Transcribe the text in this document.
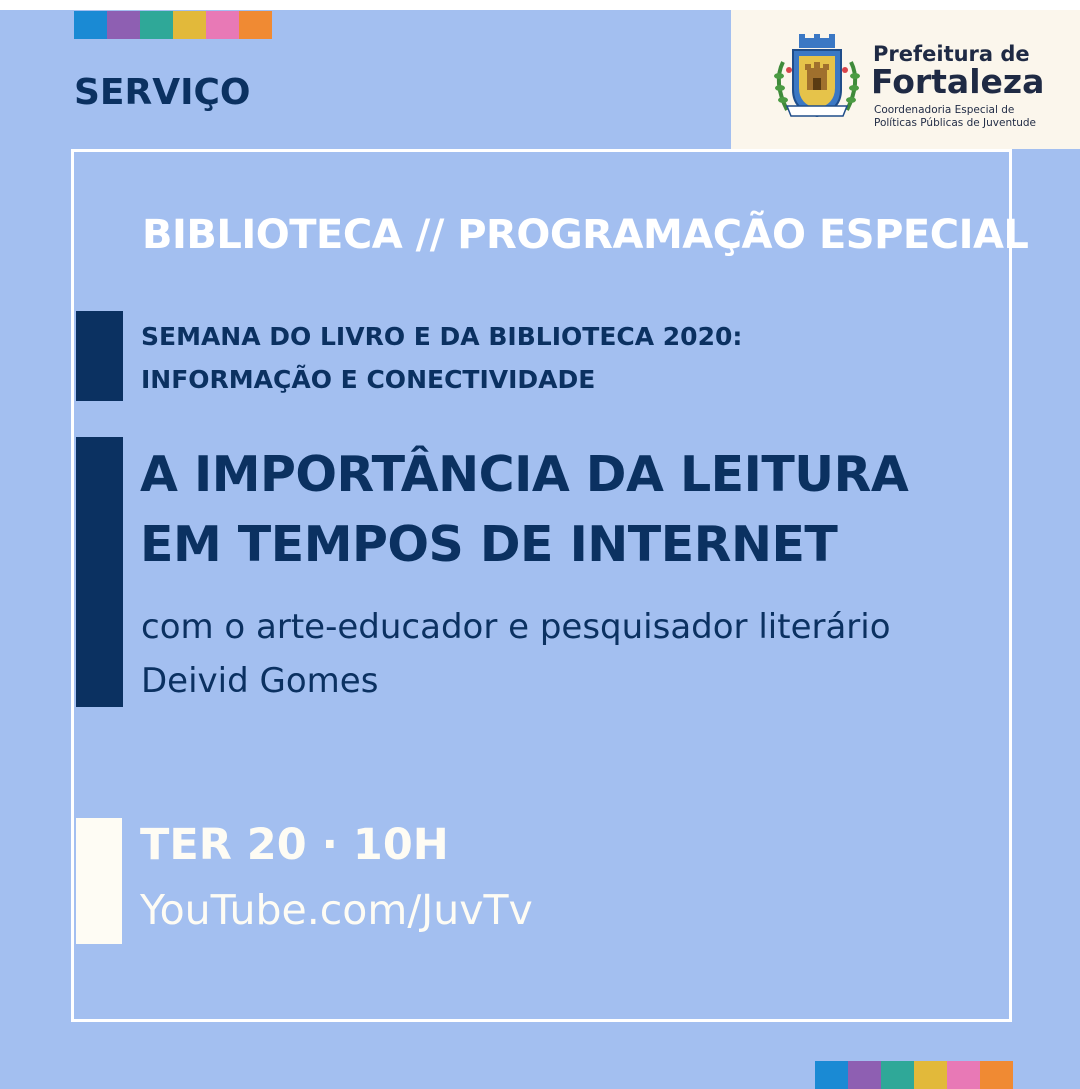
SERVIÇO
Prefeitura de
Fortaleza
Coordenadoria Especial de
Políticas Públicas de Juventude
BIBLIOTECA // PROGRAMAÇÃO ESPECIAL
SEMANA DO LIVRO E DA BIBLIOTECA 2020:
INFORMAÇÃO E CONECTIVIDADE
A IMPORTÂNCIA DA LEITURA
EM TEMPOS DE INTERNET
com o arte-educador e pesquisador literário
Deivid Gomes
TER 20 · 10H
YouTube.com/JuvTv
